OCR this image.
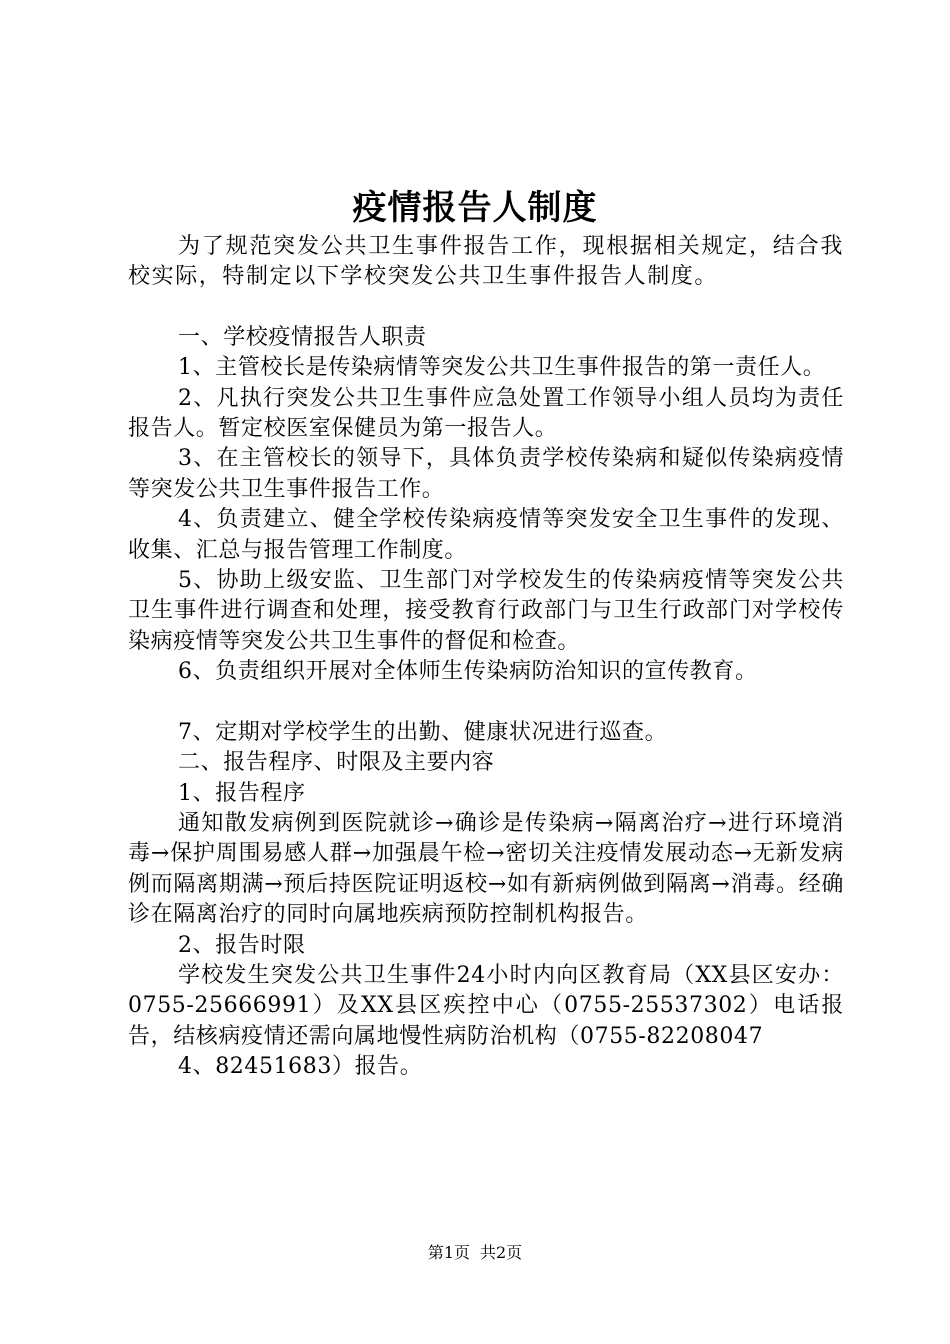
疫情报告人制度

为了规范突发公共卫生事件报告工作，现根据相关规定，结合我校实际，特制定以下学校突发公共卫生事件报告人制度。

一、学校疫情报告人职责

1、主管校长是传染病情等突发公共卫生事件报告的第一责任人。

2、凡执行突发公共卫生事件应急处置工作领导小组人员均为责任报告人。暂定校医室保健员为第一报告人。

3、在主管校长的领导下，具体负责学校传染病和疑似传染病疫情等突发公共卫生事件报告工作。

4、负责建立、健全学校传染病疫情等突发安全卫生事件的发现、收集、汇总与报告管理工作制度。

5、协助上级安监、卫生部门对学校发生的传染病疫情等突发公共卫生事件进行调查和处理，接受教育行政部门与卫生行政部门对学校传染病疫情等突发公共卫生事件的督促和检查。

6、负责组织开展对全体师生传染病防治知识的宣传教育。

7、定期对学校学生的出勤、健康状况进行巡查。

二、报告程序、时限及主要内容

1、报告程序

通知散发病例到医院就诊→确诊是传染病→隔离治疗→进行环境消毒→保护周围易感人群→加强晨午检→密切关注疫情发展动态→无新发病例而隔离期满→预后持医院证明返校→如有新病例做到隔离→消毒。经确诊在隔离治疗的同时向属地疾病预防控制机构报告。

2、报告时限

学校发生突发公共卫生事件24小时内向区教育局（XX县区安办：0755-25666991）及XX县区疾控中心（0755-25537302）电话报告，结核病疫情还需向属地慢性病防治机构（0755-82208047

4、82451683）报告。

第1页 共2页
